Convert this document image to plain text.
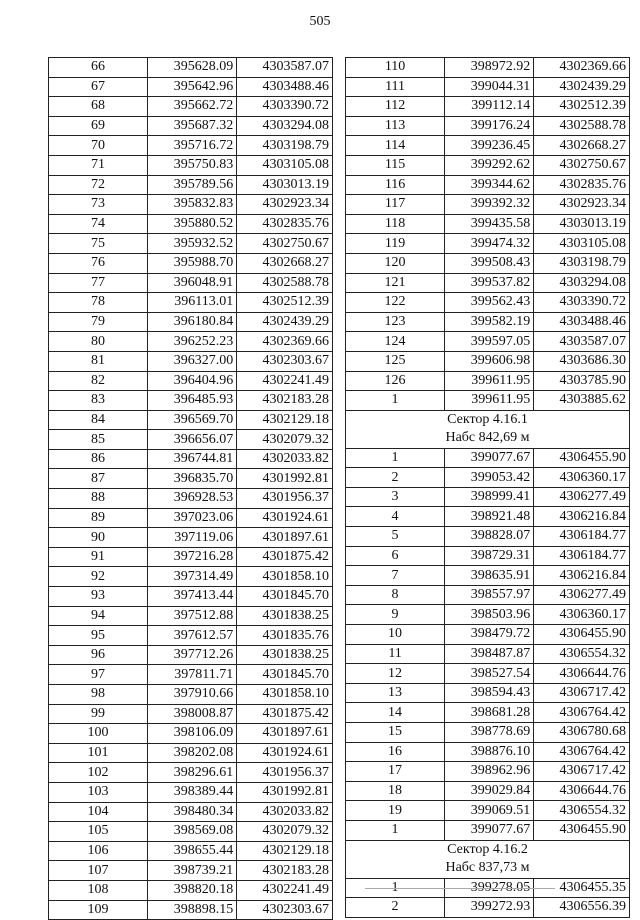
505
66	395628.09	4303587.07
67	395642.96	4303488.46
68	395662.72	4303390.72
69	395687.32	4303294.08
70	395716.72	4303198.79
71	395750.83	4303105.08
72	395789.56	4303013.19
73	395832.83	4302923.34
74	395880.52	4302835.76
75	395932.52	4302750.67
76	395988.70	4302668.27
77	396048.91	4302588.78
78	396113.01	4302512.39
79	396180.84	4302439.29
80	396252.23	4302369.66
81	396327.00	4302303.67
82	396404.96	4302241.49
83	396485.93	4302183.28
84	396569.70	4302129.18
85	396656.07	4302079.32
86	396744.81	4302033.82
87	396835.70	4301992.81
88	396928.53	4301956.37
89	397023.06	4301924.61
90	397119.06	4301897.61
91	397216.28	4301875.42
92	397314.49	4301858.10
93	397413.44	4301845.70
94	397512.88	4301838.25
95	397612.57	4301835.76
96	397712.26	4301838.25
97	397811.71	4301845.70
98	397910.66	4301858.10
99	398008.87	4301875.42
100	398106.09	4301897.61
101	398202.08	4301924.61
102	398296.61	4301956.37
103	398389.44	4301992.81
104	398480.34	4302033.82
105	398569.08	4302079.32
106	398655.44	4302129.18
107	398739.21	4302183.28
108	398820.18	4302241.49
109	398898.15	4302303.67
110	398972.92	4302369.66
111	399044.31	4302439.29
112	399112.14	4302512.39
113	399176.24	4302588.78
114	399236.45	4302668.27
115	399292.62	4302750.67
116	399344.62	4302835.76
117	399392.32	4302923.34
118	399435.58	4303013.19
119	399474.32	4303105.08
120	399508.43	4303198.79
121	399537.82	4303294.08
122	399562.43	4303390.72
123	399582.19	4303488.46
124	399597.05	4303587.07
125	399606.98	4303686.30
126	399611.95	4303785.90
1	399611.95	4303885.62

Сектор 4.16.1
Набс 842,69 м		

1	399077.67	4306455.90
2	399053.42	4306360.17
3	398999.41	4306277.49
4	398921.48	4306216.84
5	398828.07	4306184.77
6	398729.31	4306184.77
7	398635.91	4306216.84
8	398557.97	4306277.49
9	398503.96	4306360.17
10	398479.72	4306455.90
11	398487.87	4306554.32
12	398527.54	4306644.76
13	398594.43	4306717.42
14	398681.28	4306764.42
15	398778.69	4306780.68
16	398876.10	4306764.42
17	398962.96	4306717.42
18	399029.84	4306644.76
19	399069.51	4306554.32
1	399077.67	4306455.90

Сектор 4.16.2
Набс 837,73 м		

1	399278.05	4306455.35
2	399272.93	4306556.39
